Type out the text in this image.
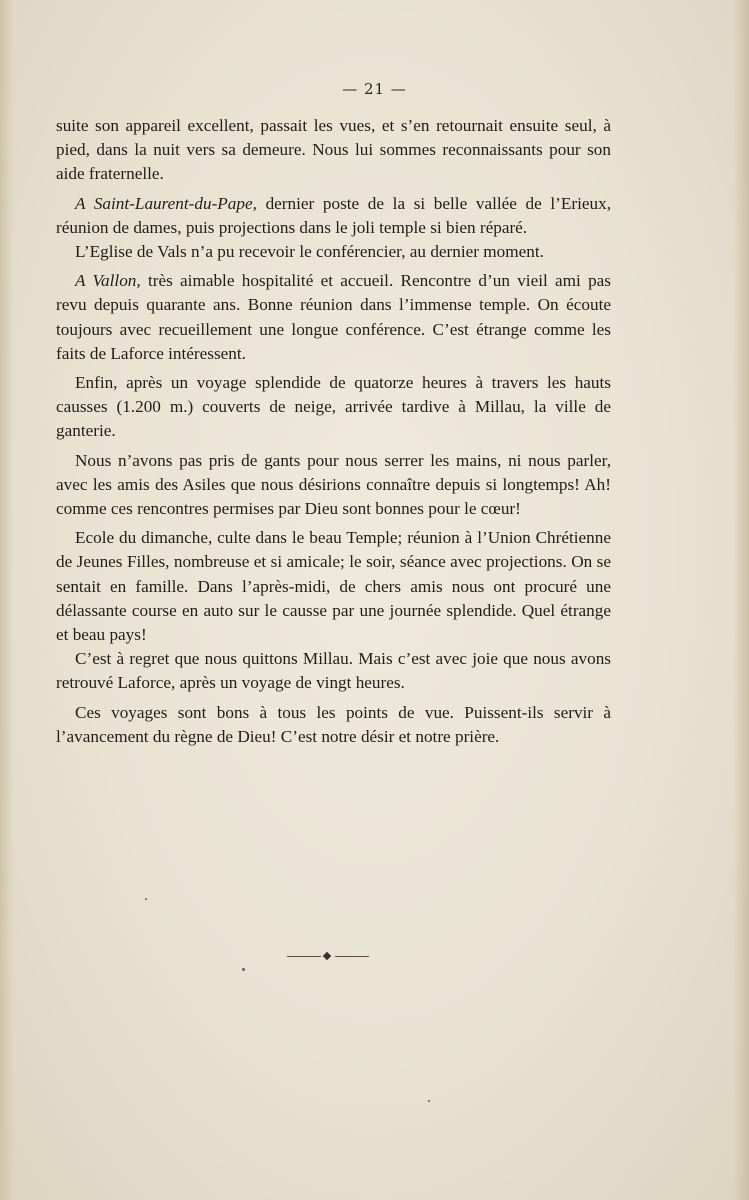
— 21 —

suite son appareil excellent, passait les vues, et s’en retournait ensuite seul, à pied, dans la nuit vers sa demeure. Nous lui sommes reconnaissants pour son aide fraternelle.

A Saint-Laurent-du-Pape, dernier poste de la si belle vallée de l’Erieux, réunion de dames, puis projections dans le joli temple si bien réparé.

L’Eglise de Vals n’a pu recevoir le conférencier, au dernier moment.

A Vallon, très aimable hospitalité et accueil. Rencontre d’un vieil ami pas revu depuis quarante ans. Bonne réunion dans l’immense temple. On écoute toujours avec recueillement une longue conférence. C’est étrange comme les faits de Laforce intéressent.

Enfin, après un voyage splendide de quatorze heures à travers les hauts causses (1.200 m.) couverts de neige, arrivée tardive à Millau, la ville de ganterie.

Nous n’avons pas pris de gants pour nous serrer les mains, ni nous parler, avec les amis des Asiles que nous désirions connaître depuis si longtemps! Ah! comme ces rencontres permises par Dieu sont bonnes pour le cœur!

Ecole du dimanche, culte dans le beau Temple; réunion à l’Union Chrétienne de Jeunes Filles, nombreuse et si amicale; le soir, séance avec projections. On se sentait en famille. Dans l’après-midi, de chers amis nous ont procuré une délassante course en auto sur le causse par une journée splendide. Quel étrange et beau pays!

C’est à regret que nous quittons Millau. Mais c’est avec joie que nous avons retrouvé Laforce, après un voyage de vingt heures.

Ces voyages sont bons à tous les points de vue. Puissent-ils servir à l’avancement du règne de Dieu! C’est notre désir et notre prière.
